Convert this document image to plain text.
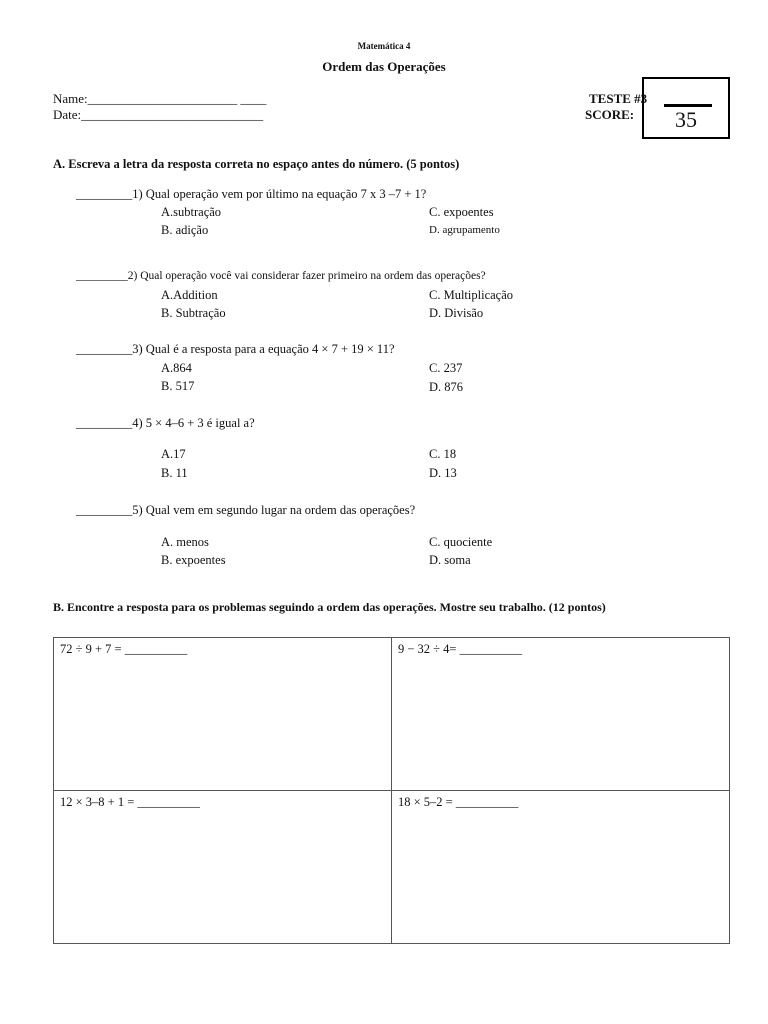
Matemática 4
Ordem das Operações
Name:_______________________ ____
Date:____________________________
TESTE #3
SCORE:	35
A. Escreva a letra da resposta correta no espaço antes do número. (5 pontos)
_________1) Qual operação vem por último na equação 7 x 3 –7 + 1?
A.subtração
B. adição
C. expoentes
D. agrupamento
_________2) Qual operação você vai considerar fazer primeiro na ordem das operações?
A.Addition
B. Subtração
C. Multiplicação
D. Divisão
_________3) Qual é a resposta para a equação 4 × 7 + 19 × 11?
A.864
B. 517
C. 237
D. 876
_________4) 5 × 4–6 + 3 é igual a?
A.17
B. 11
C. 18
D. 13
_________5) Qual vem em segundo lugar na ordem das operações?
A. menos
B. expoentes
C. quociente
D. soma
B. Encontre a resposta para os problemas seguindo a ordem das operações. Mostre seu trabalho. (12 pontos)
72 ÷ 9 + 7 = __________	9 − 32 ÷ 4= __________
12 × 3–8 + 1 = __________	18 × 5–2 = __________
